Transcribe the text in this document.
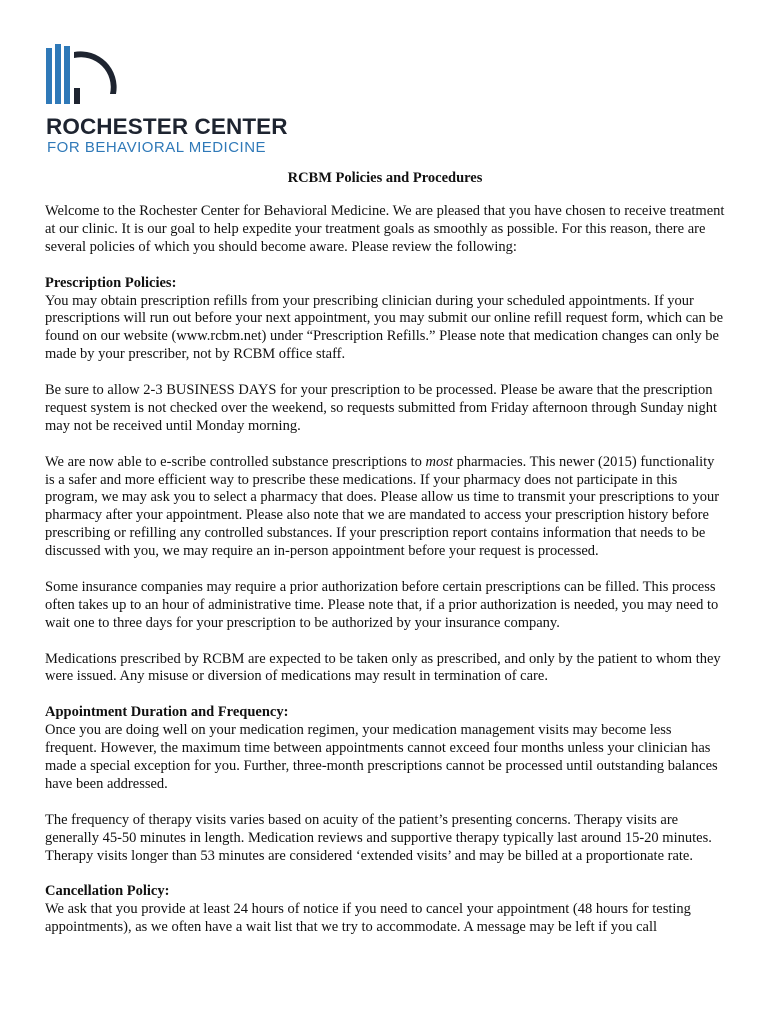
ROCHESTER CENTER
FOR BEHAVIORAL MEDICINE
RCBM Policies and Procedures

Welcome to the Rochester Center for Behavioral Medicine. We are pleased that you have chosen to receive treatment at our clinic. It is our goal to help expedite your treatment goals as smoothly as possible. For this reason, there are several policies of which you should become aware. Please review the following:

Prescription Policies:

You may obtain prescription refills from your prescribing clinician during your scheduled appointments. If your prescriptions will run out before your next appointment, you may submit our online refill request form, which can be found on our website (www.rcbm.net) under “Prescription Refills.” Please note that medication changes can only be made by your prescriber, not by RCBM office staff.

Be sure to allow 2-3 BUSINESS DAYS for your prescription to be processed. Please be aware that the prescription request system is not checked over the weekend, so requests submitted from Friday afternoon through Sunday night may not be received until Monday morning.

We are now able to e-scribe controlled substance prescriptions to most pharmacies. This newer (2015) functionality is a safer and more efficient way to prescribe these medications. If your pharmacy does not participate in this program, we may ask you to select a pharmacy that does. Please allow us time to transmit your prescriptions to your pharmacy after your appointment. Please also note that we are mandated to access your prescription history before prescribing or refilling any controlled substances. If your prescription report contains information that needs to be discussed with you, we may require an in-person appointment before your request is processed.

Some insurance companies may require a prior authorization before certain prescriptions can be filled. This process often takes up to an hour of administrative time. Please note that, if a prior authorization is needed, you may need to wait one to three days for your prescription to be authorized by your insurance company.

Medications prescribed by RCBM are expected to be taken only as prescribed, and only by the patient to whom they were issued. Any misuse or diversion of medications may result in termination of care.

Appointment Duration and Frequency:

Once you are doing well on your medication regimen, your medication management visits may become less frequent. However, the maximum time between appointments cannot exceed four months unless your clinician has made a special exception for you. Further, three-month prescriptions cannot be processed until outstanding balances have been addressed.

The frequency of therapy visits varies based on acuity of the patient’s presenting concerns. Therapy visits are generally 45-50 minutes in length. Medication reviews and supportive therapy typically last around 15-20 minutes. Therapy visits longer than 53 minutes are considered ‘extended visits’ and may be billed at a proportionate rate.

Cancellation Policy:

We ask that you provide at least 24 hours of notice if you need to cancel your appointment (48 hours for testing appointments), as we often have a wait list that we try to accommodate. A message may be left if you call
